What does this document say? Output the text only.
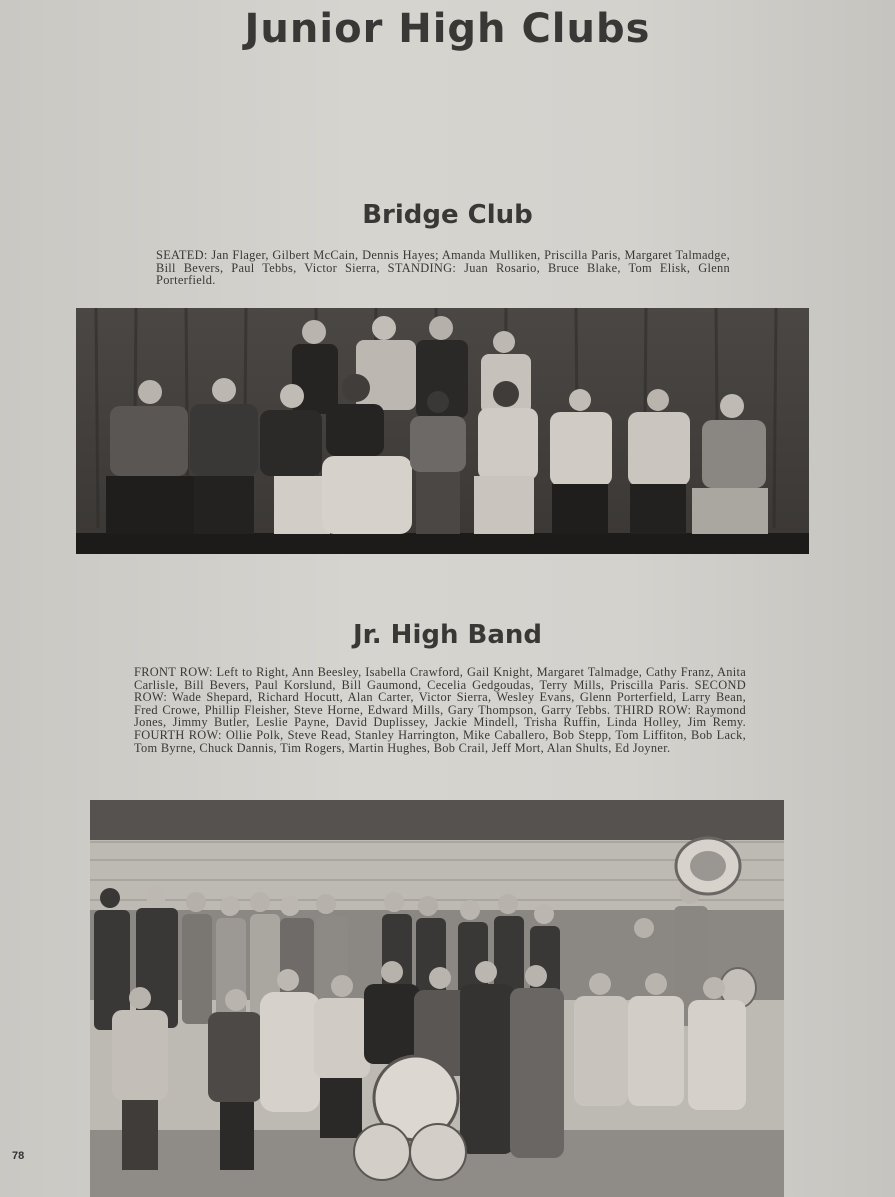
Junior High Clubs
Bridge Club
SEATED: Jan Flager, Gilbert McCain, Dennis Hayes; Amanda Mulliken, Priscilla Paris, Margaret Talmadge, Bill Bevers, Paul Tebbs, Victor Sierra, STANDING: Juan Rosario, Bruce Blake, Tom Elisk, Glenn Porterfield.
Jr. High Band
FRONT ROW: Left to Right, Ann Beesley, Isabella Crawford, Gail Knight, Margaret Talmadge, Cathy Franz, Anita Carlisle, Bill Bevers, Paul Korslund, Bill Gaumond, Cecelia Gedgoudas, Terry Mills, Priscilla Paris. SECOND ROW: Wade Shepard, Richard Hocutt, Alan Carter, Victor Sierra, Wesley Evans, Glenn Porterfield, Larry Bean, Fred Crowe, Phillip Fleisher, Steve Horne, Edward Mills, Gary Thompson, Garry Tebbs. THIRD ROW: Raymond Jones, Jimmy Butler, Leslie Payne, David Duplissey, Jackie Mindell, Trisha Ruffin, Linda Holley, Jim Remy. FOURTH ROW: Ollie Polk, Steve Read, Stanley Harrington, Mike Caballero, Bob Stepp, Tom Liffiton, Bob Lack, Tom Byrne, Chuck Dannis, Tim Rogers, Martin Hughes, Bob Crail, Jeff Mort, Alan Shults, Ed Joyner.
78
